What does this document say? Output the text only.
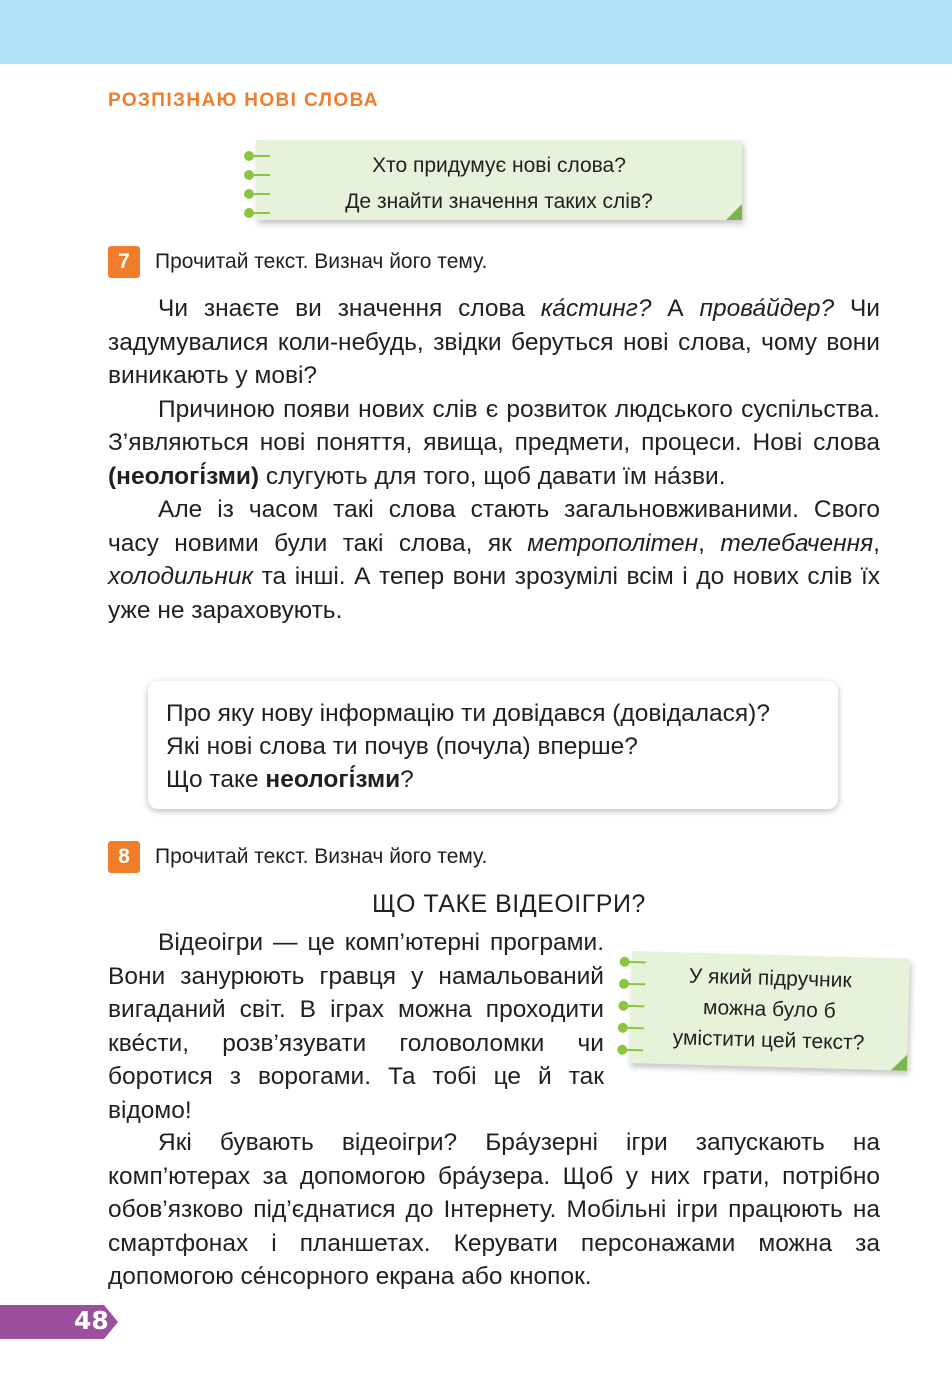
РОЗПІЗНАЮ НОВІ СЛОВА
Хто придумує нові слова?
Де знайти значення таких слів?
7	Прочитай текст. Визнач його тему.

Чи знаєте ви значення слова ка́стинг? А прова́йдер? Чи задумувалися коли-небудь, звідки беруться нові слова, чому вони виникають у мові?

Причиною появи нових слів є розвиток людського суспільства. З’являються нові поняття, явища, предмети, процеси. Нові слова (неологі́зми) слугують для того, щоб давати їм на́зви.

Але із часом такі слова стають загальновживаними. Свого часу новими були такі слова, як метрополітен, телебачення, холодильник та інші. А тепер вони зрозумілі всім і до нових слів їх уже не зараховують.

Про яку нову інформацію ти довідався (довідалася)?
Які нові слова ти почув (почула) вперше?
Що таке неологі́зми?
8	Прочитай текст. Визнач його тему.
ЩО ТАКЕ ВІДЕОІГРИ?

Відеоігри — це комп’ютерні програми. Вони занурюють гравця у намальований вигаданий світ. В іграх можна проходити кве́сти, розв’язувати головоломки чи боротися з ворогами. Та тобі це й так відомо!

У який підручник
можна було б
умістити цей текст?

Які бувають відеоігри? Бра́узерні ігри запускають на комп’ютерах за допомогою бра́узера. Щоб у них грати, потрібно обов’язково під’єднатися до Інтернету. Мобільні ігри працюють на смартфонах і планшетах. Керувати персонажами можна за допомогою се́нсорного екрана або кнопок.

48
